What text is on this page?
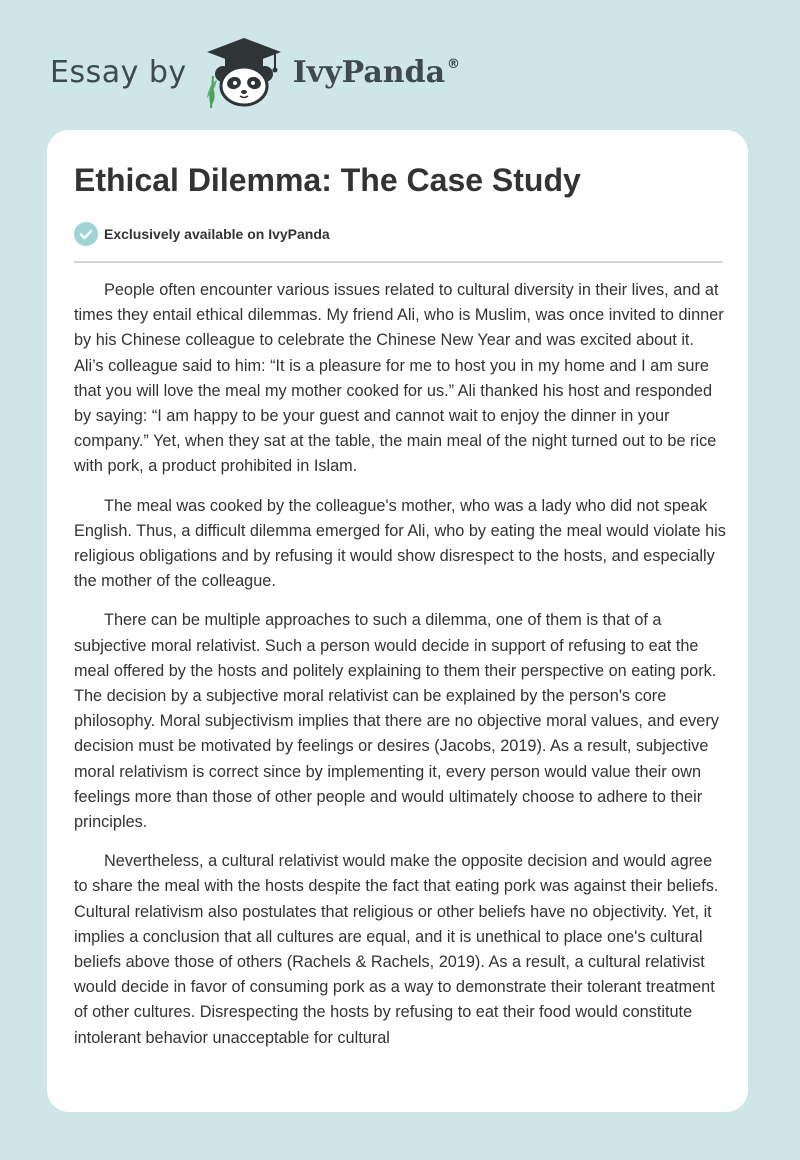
Essay by	IvyPanda ®
Ethical Dilemma: The Case Study
Exclusively available on IvyPanda

People often encounter various issues related to cultural diversity in their lives, and at times they entail ethical dilemmas. My friend Ali, who is Muslim, was once invited to dinner by his Chinese colleague to celebrate the Chinese New Year and was excited about it. Ali’s colleague said to him: “It is a pleasure for me to host you in my home and I am sure that you will love the meal my mother cooked for us.” Ali thanked his host and responded by saying: “I am happy to be your guest and cannot wait to enjoy the dinner in your company.” Yet, when they sat at the table, the main meal of the night turned out to be rice with pork, a product prohibited in Islam.

The meal was cooked by the colleague's mother, who was a lady who did not speak English. Thus, a difficult dilemma emerged for Ali, who by eating the meal would violate his religious obligations and by refusing it would show disrespect to the hosts, and especially the mother of the colleague.

There can be multiple approaches to such a dilemma, one of them is that of a subjective moral relativist. Such a person would decide in support of refusing to eat the meal offered by the hosts and politely explaining to them their perspective on eating pork. The decision by a subjective moral relativist can be explained by the person's core philosophy. Moral subjectivism implies that there are no objective moral values, and every decision must be motivated by feelings or desires (Jacobs, 2019). As a result, subjective moral relativism is correct since by implementing it, every person would value their own feelings more than those of other people and would ultimately choose to adhere to their principles.

Nevertheless, a cultural relativist would make the opposite decision and would agree to share the meal with the hosts despite the fact that eating pork was against their beliefs. Cultural relativism also postulates that religious or other beliefs have no objectivity. Yet, it implies a conclusion that all cultures are equal, and it is unethical to place one's cultural beliefs above those of others (Rachels & Rachels, 2019). As a result, a cultural relativist would decide in favor of consuming pork as a way to demonstrate their tolerant treatment of other cultures. Disrespecting the hosts by refusing to eat their food would constitute intolerant behavior unacceptable for cultural
